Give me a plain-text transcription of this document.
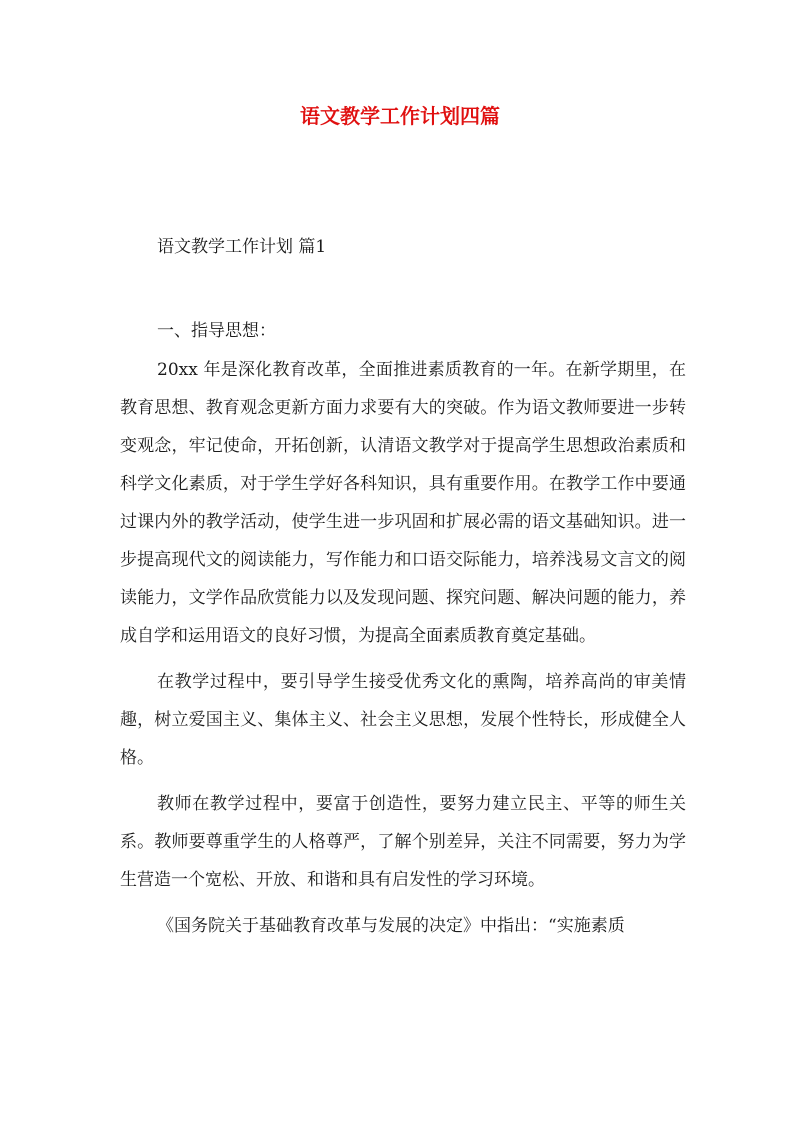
语文教学工作计划四篇
语文教学工作计划 篇1
一、指导思想：

20xx 年是深化教育改革，全面推进素质教育的一年。在新学期里，在教育思想、教育观念更新方面力求要有大的突破。作为语文教师要进一步转变观念，牢记使命，开拓创新，认清语文教学对于提高学生思想政治素质和科学文化素质，对于学生学好各科知识，具有重要作用。在教学工作中要通过课内外的教学活动，使学生进一步巩固和扩展必需的语文基础知识。进一步提高现代文的阅读能力，写作能力和口语交际能力，培养浅易文言文的阅读能力，文学作品欣赏能力以及发现问题、探究问题、解决问题的能力，养成自学和运用语文的良好习惯，为提高全面素质教育奠定基础。

在教学过程中，要引导学生接受优秀文化的熏陶，培养高尚的审美情趣，树立爱国主义、集体主义、社会主义思想，发展个性特长，形成健全人格。

教师在教学过程中，要富于创造性，要努力建立民主、平等的师生关系。教师要尊重学生的人格尊严，了解个别差异，关注不同需要，努力为学生营造一个宽松、开放、和谐和具有启发性的学习环境。

《国务院关于基础教育改革与发展的决定》中指出：“实施素质
